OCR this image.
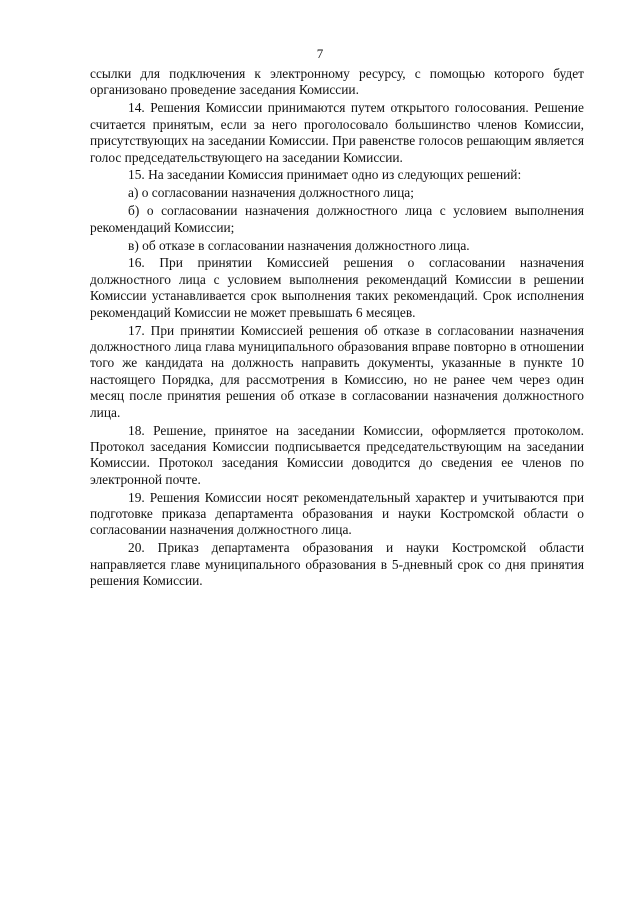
7

ссылки для подключения к электронному ресурсу, с помощью которого будет организовано проведение заседания Комиссии.

14. Решения Комиссии принимаются путем открытого голосования. Решение считается принятым, если за него проголосовало большинство членов Комиссии, присутствующих на заседании Комиссии. При равенстве голосов решающим является голос председательствующего на заседании Комиссии.

15. На заседании Комиссия принимает одно из следующих решений:

а) о согласовании назначения должностного лица;

б) о согласовании назначения должностного лица с условием выполнения рекомендаций Комиссии;

в) об отказе в согласовании назначения должностного лица.

16. При принятии Комиссией решения о согласовании назначения должностного лица с условием выполнения рекомендаций Комиссии в решении Комиссии устанавливается срок выполнения таких рекомендаций. Срок исполнения рекомендаций Комиссии не может превышать 6 месяцев.

17. При принятии Комиссией решения об отказе в согласовании назначения должностного лица глава муниципального образования вправе повторно в отношении того же кандидата на должность направить документы, указанные в пункте 10 настоящего Порядка, для рассмотрения в Комиссию, но не ранее чем через один месяц после принятия решения об отказе в согласовании назначения должностного лица.

18. Решение, принятое на заседании Комиссии, оформляется протоколом. Протокол заседания Комиссии подписывается председательствующим на заседании Комиссии. Протокол заседания Комиссии доводится до сведения ее членов по электронной почте.

19. Решения Комиссии носят рекомендательный характер и учитываются при подготовке приказа департамента образования и науки Костромской области о согласовании назначения должностного лица.

20. Приказ департамента образования и науки Костромской области направляется главе муниципального образования в 5-дневный срок со дня принятия решения Комиссии.
